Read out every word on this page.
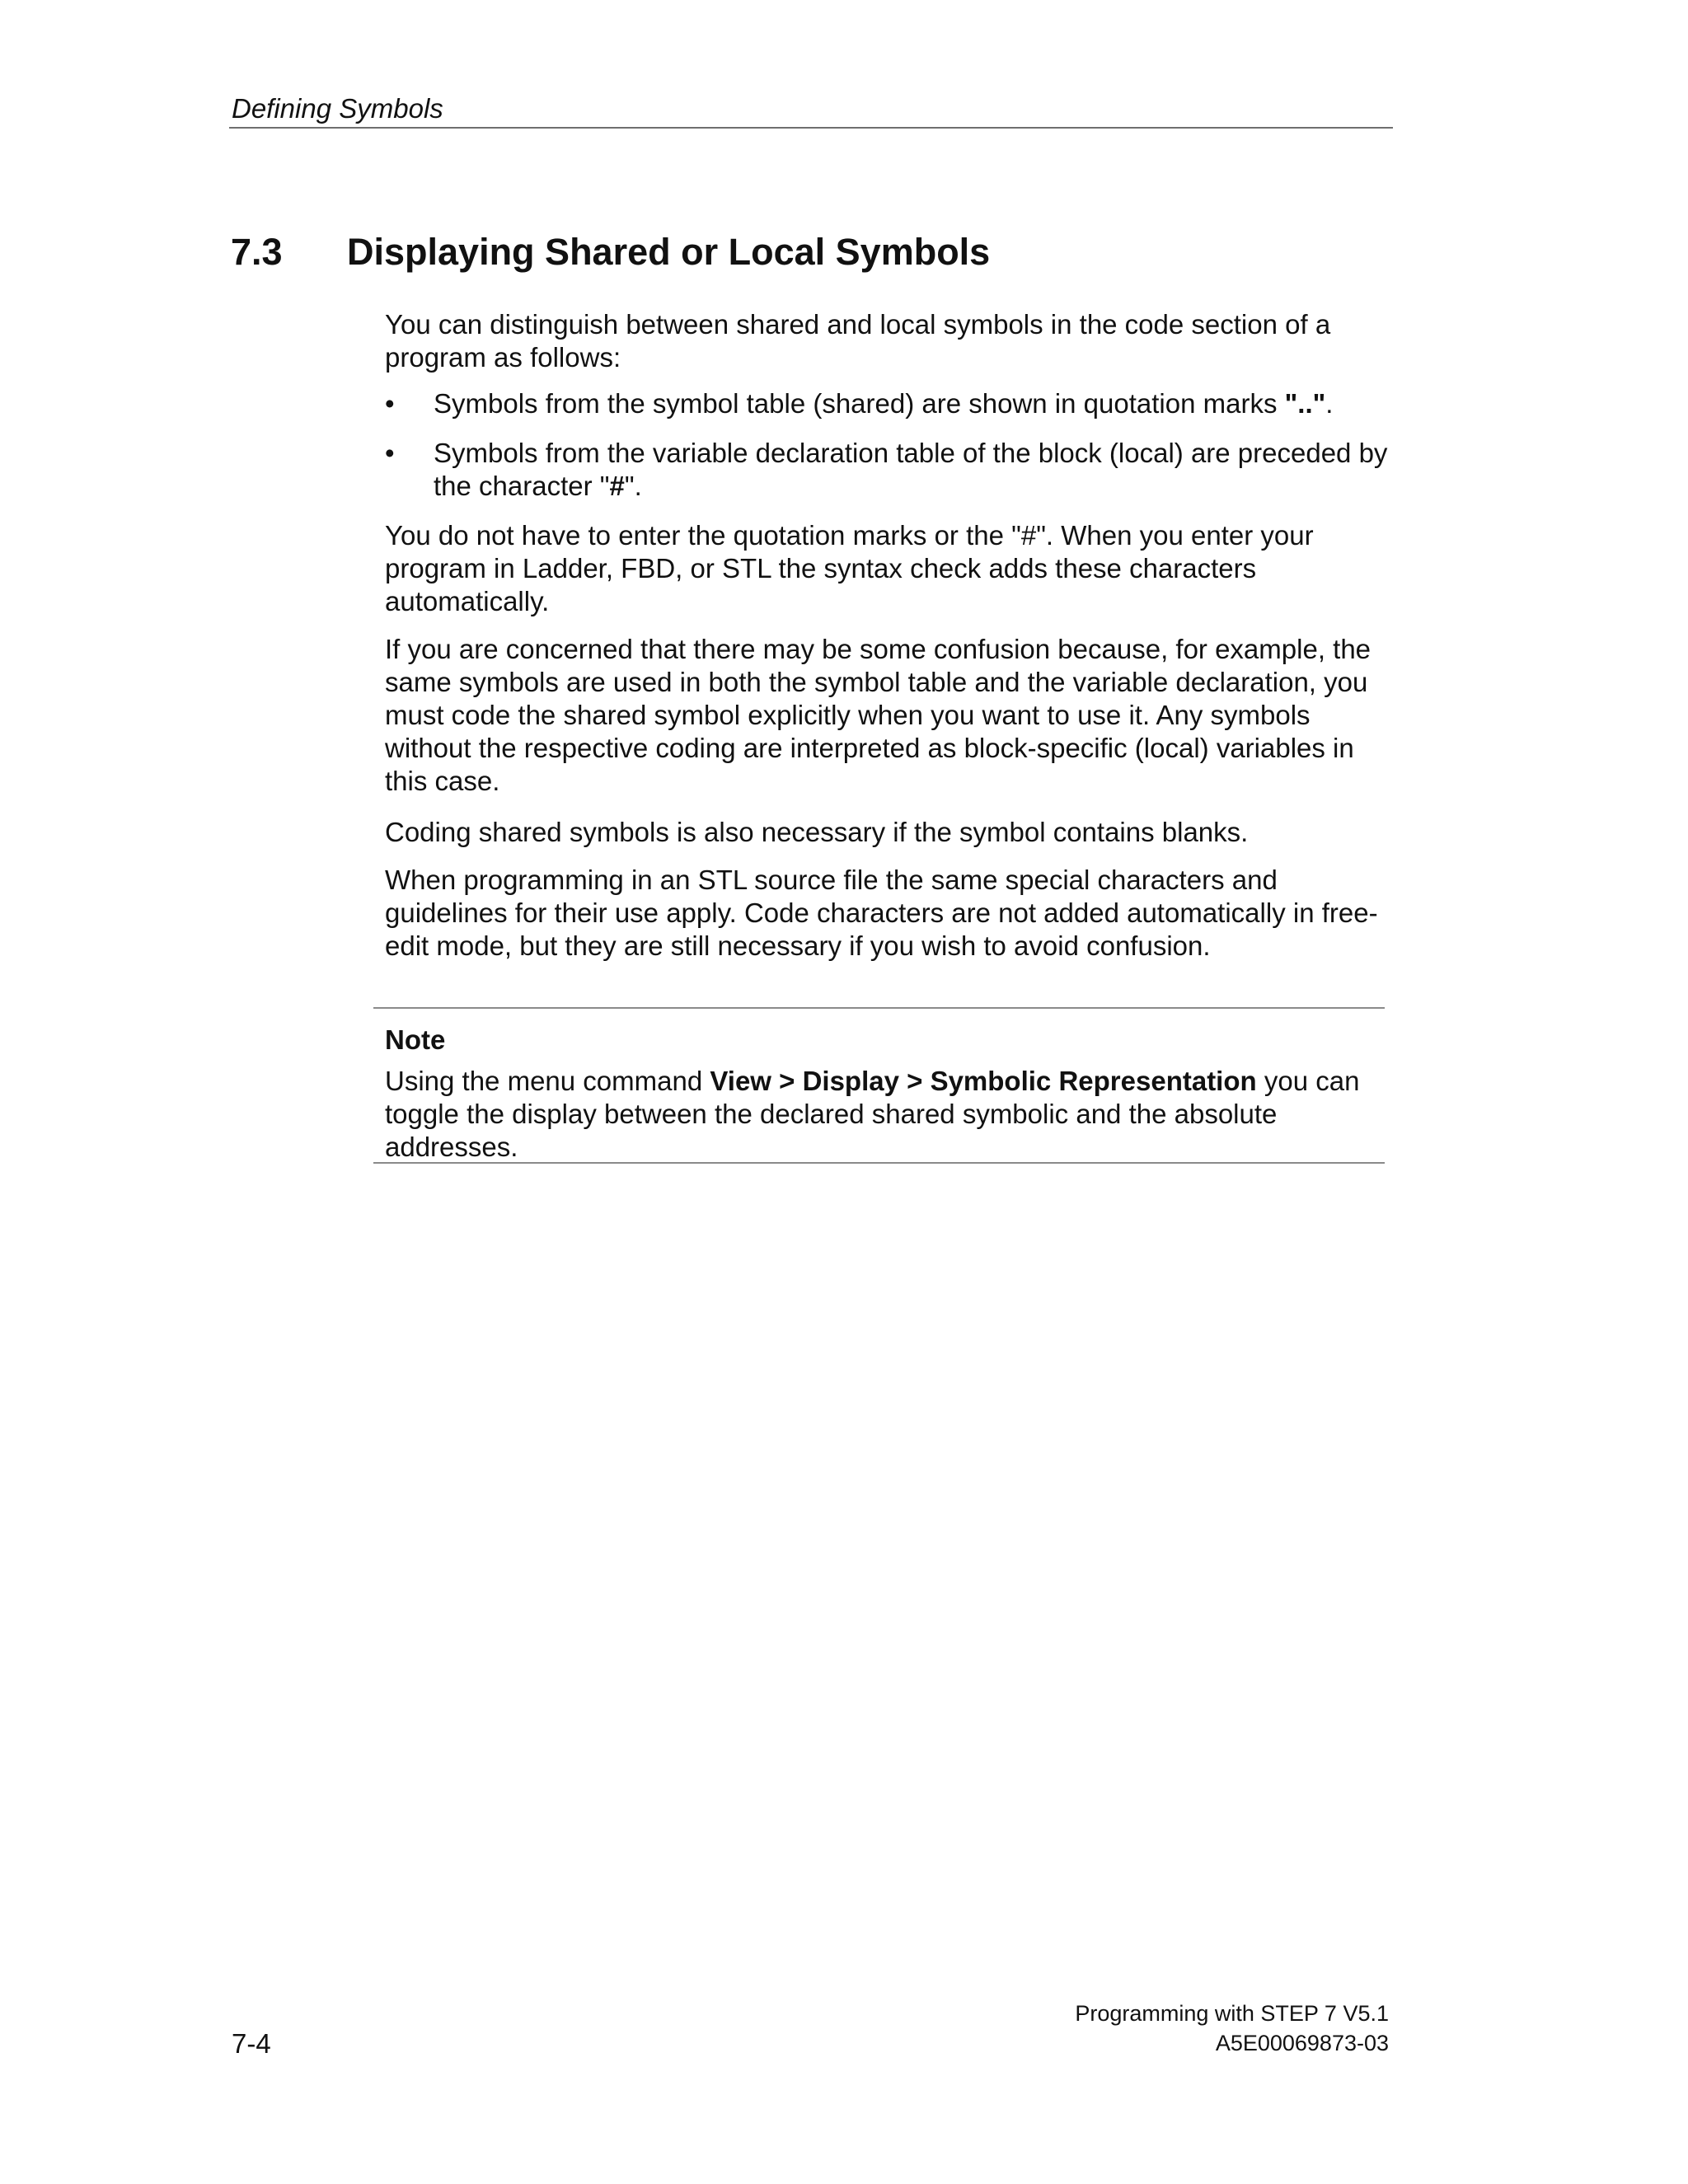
Defining Symbols
7.3 Displaying Shared or Local Symbols

You can distinguish between shared and local symbols in the code section of a program as follows:

•	Symbols from the symbol table (shared) are shown in quotation marks "..".
•	Symbols from the variable declaration table of the block (local) are preceded by the character "#".

You do not have to enter the quotation marks or the "#". When you enter your program in Ladder, FBD, or STL the syntax check adds these characters automatically.

If you are concerned that there may be some confusion because, for example, the same symbols are used in both the symbol table and the variable declaration, you must code the shared symbol explicitly when you want to use it. Any symbols without the respective coding are interpreted as block-specific (local) variables in this case.

Coding shared symbols is also necessary if the symbol contains blanks.

When programming in an STL source file the same special characters and guidelines for their use apply. Code characters are not added automatically in free-edit mode, but they are still necessary if you wish to avoid confusion.

Note
Using the menu command View > Display > Symbolic Representation you can toggle the display between the declared shared symbolic and the absolute addresses.
7-4
Programming with STEP 7 V5.1
A5E00069873-03
